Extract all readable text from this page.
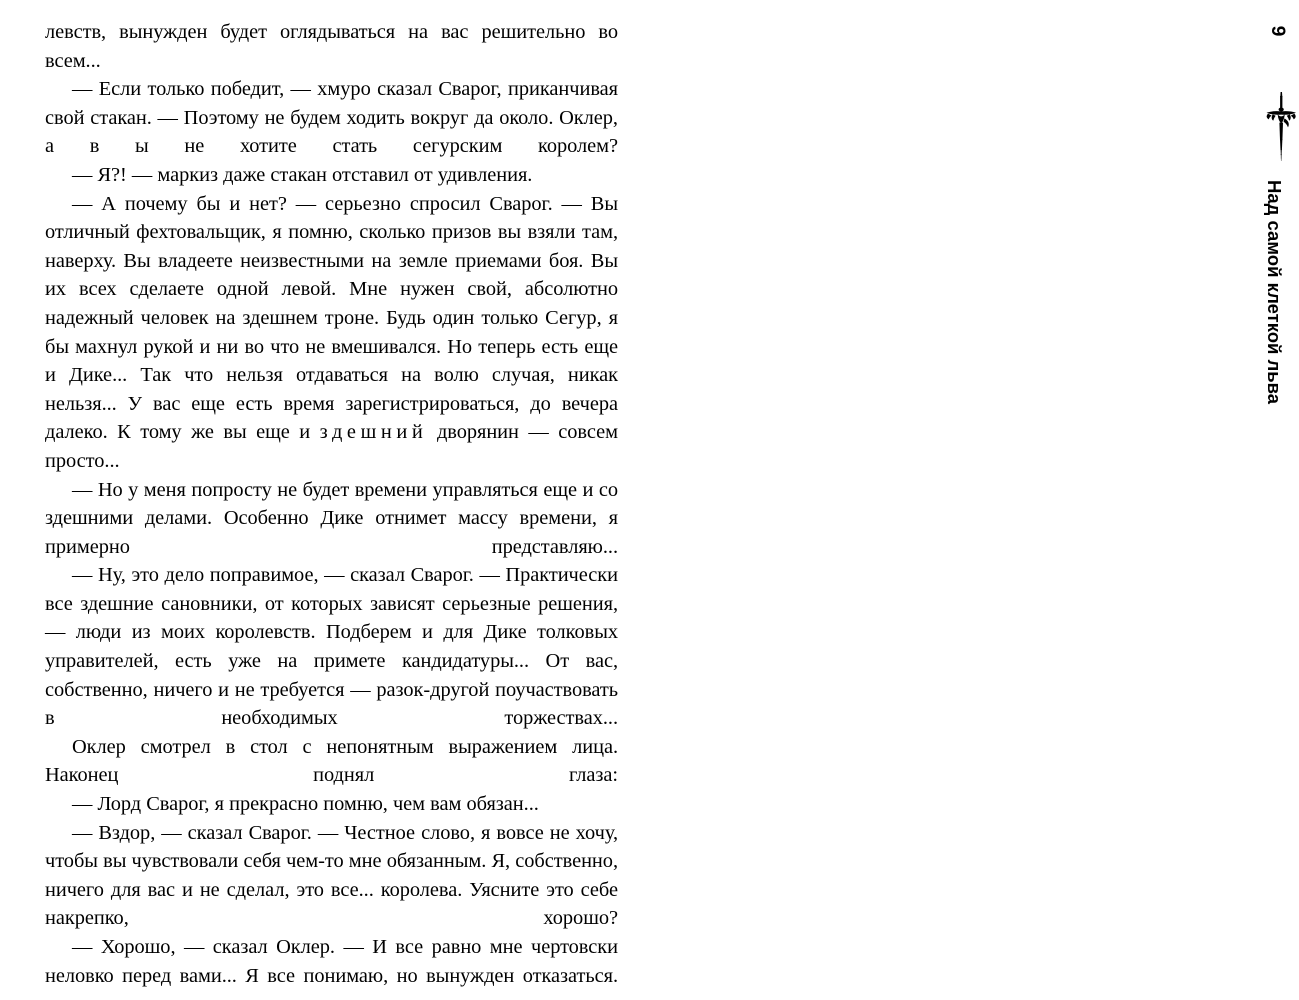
левств, вынужден будет оглядываться на вас решительно во всем...

— Если только победит, — хмуро сказал Сварог, приканчивая свой стакан. — Поэтому не будем ходить вокруг да около. Оклер, а в ы не хотите стать сегурским королем?

— Я?! — маркиз даже стакан отставил от удивления.

— А почему бы и нет? — серьезно спросил Сварог. — Вы отличный фехтовальщик, я помню, сколько призов вы взяли там, наверху. Вы владеете неизвестными на земле приемами боя. Вы их всех сделаете одной левой. Мне нужен свой, абсолютно надежный человек на здешнем троне. Будь один только Сегур, я бы махнул рукой и ни во что не вмешивался. Но теперь есть еще и Дике... Так что нельзя отдаваться на волю случая, никак нельзя... У вас еще есть время зарегистрироваться, до вечера далеко. К тому же вы еще и здешний дворянин — совсем просто...

— Но у меня попросту не будет времени управляться еще и со здешними делами. Особенно Дике отнимет массу времени, я примерно представляю...

— Ну, это дело поправимое, — сказал Сварог. — Практически все здешние сановники, от которых зависят серьезные решения, — люди из моих королевств. Подберем и для Дике толковых управителей, есть уже на примете кандидатуры... От вас, собственно, ничего и не требуется — разок-другой поучаствовать в необходимых торжествах...

Оклер смотрел в стол с непонятным выражением лица. Наконец поднял глаза:

— Лорд Сварог, я прекрасно помню, чем вам обязан...

— Вздор, — сказал Сварог. — Честное слово, я вовсе не хочу, чтобы вы чувствовали себя чем-то мне обязанным. Я, собственно, ничего для вас и не сделал, это все... королева. Уясните это себе накрепко, хорошо?

— Хорошо, — сказал Оклер. — И все равно мне чертовски неловко перед вами... Я все понимаю, но вынужден отказаться.

9
Над самой клеткой льва
